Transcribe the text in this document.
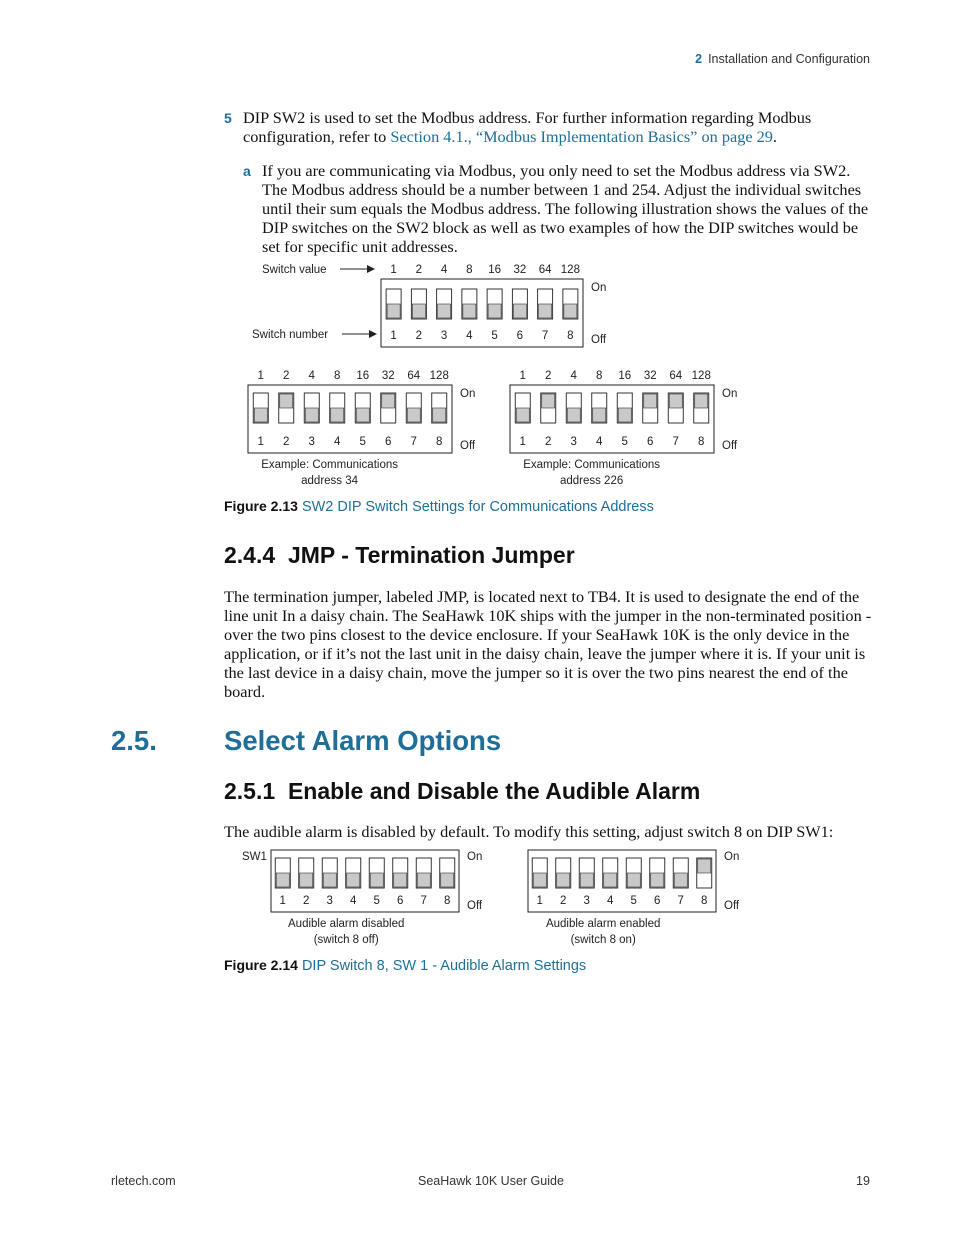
2 Installation and Configuration
5 DIP SW2 is used to set the Modbus address. For further information regarding Modbus configuration, refer to Section 4.1., “Modbus Implementation Basics” on page 29.
a If you are communicating via Modbus, you only need to set the Modbus address via SW2. The Modbus address should be a number between 1 and 254. Adjust the individual switches until their sum equals the Modbus address. The following illustration shows the values of the DIP switches on the SW2 block as well as two examples of how the DIP switches would be set for specific unit addresses.
Switch value
Switch number	1
1
2
2
3
4
4
8
5
16
6
32
7
64
8
128
On
Off
1
1
2
2
3
4
4
8
5
16
6
32
7
64
8
128
On
Off
Example: Communications
address 34
1
1
2
2
3
4
4
8
5
16
6
32
7
64
8
128
On
Off
Example: Communications
address 226
Figure 2.13 SW2 DIP Switch Settings for Communications Address
2.4.4 JMP - Termination Jumper
The termination jumper, labeled JMP, is located next to TB4. It is used to designate the end of the line unit In a daisy chain. The SeaHawk 10K ships with the jumper in the non-terminated position - over the two pins closest to the device enclosure. If your SeaHawk 10K is the only device in the application, or if it’s not the last unit in the daisy chain, leave the jumper where it is. If your unit is the last device in a daisy chain, move the jumper so it is over the two pins nearest the end of the board.
2.5. Select Alarm Options
2.5.1 Enable and Disable the Audible Alarm
The audible alarm is disabled by default. To modify this setting, adjust switch 8 on DIP SW1:
SW1
1 2 3 4 5 6 7 8
On
Off
Audible alarm disabled
(switch 8 off)
1 2 3 4 5 6 7 8
On
Off
Audible alarm enabled
(switch 8 on)
Figure 2.14 DIP Switch 8, SW 1 - Audible Alarm Settings
rletech.com	SeaHawk 10K User Guide	19
